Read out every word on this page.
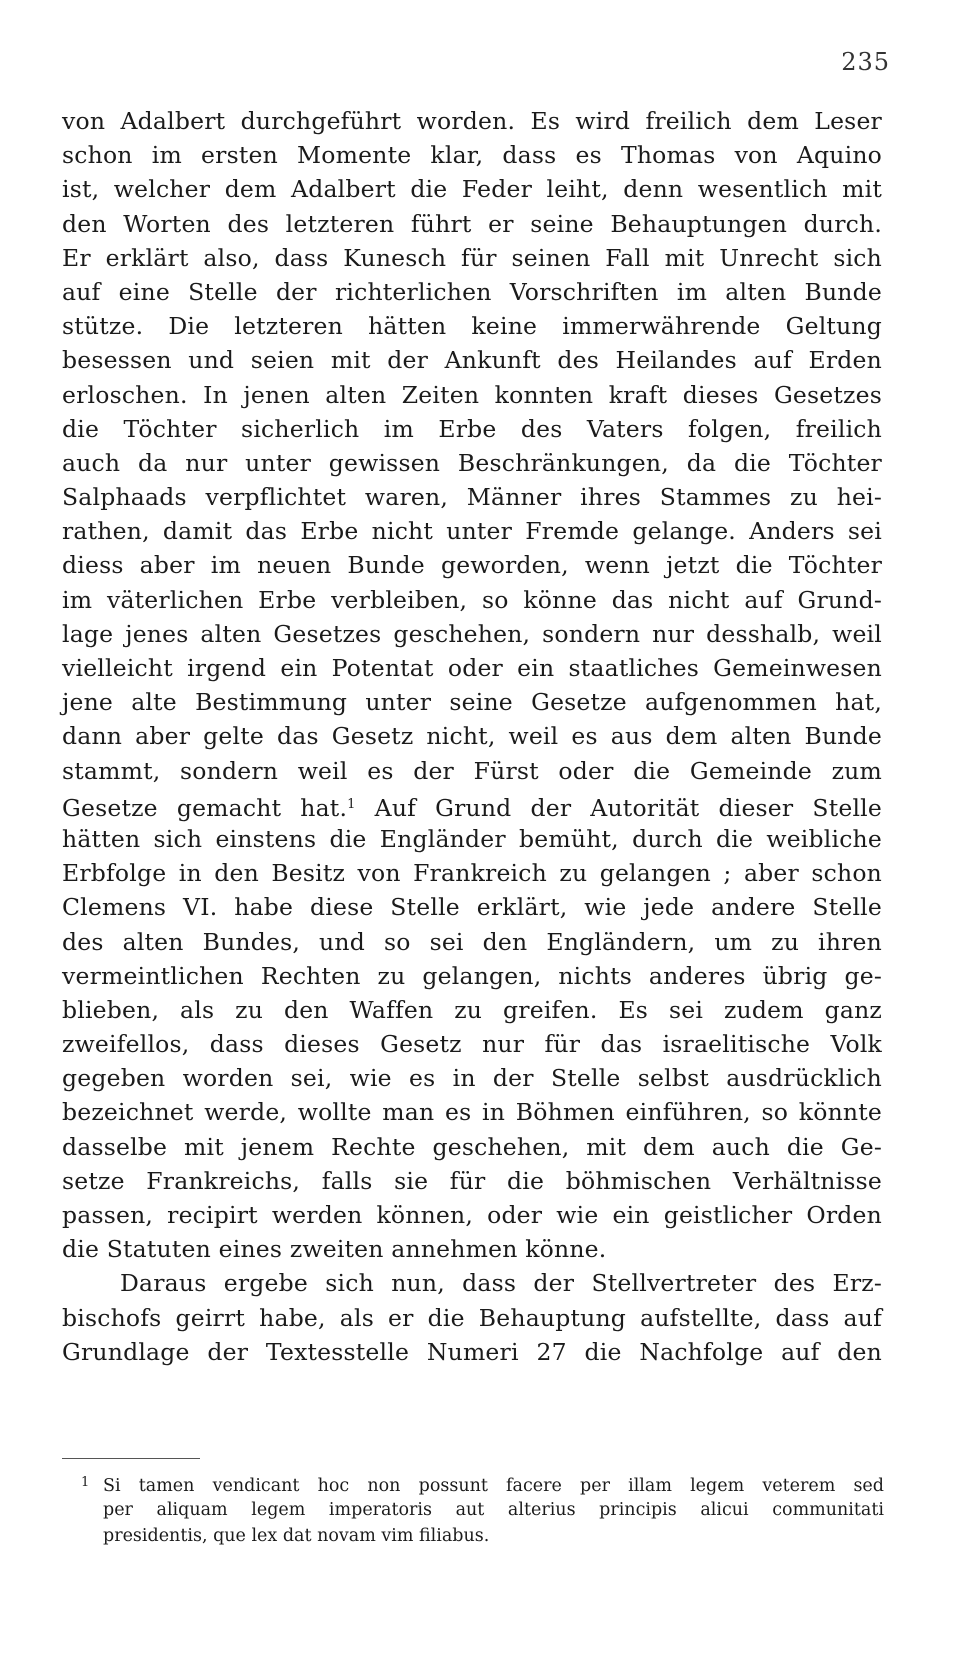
235
von Adalbert durchgeführt worden. Es wird freilich dem Leser
schon im ersten Momente klar, dass es Thomas von Aquino
ist, welcher dem Adalbert die Feder leiht, denn wesentlich mit
den Worten des letzteren führt er seine Behauptungen durch.
Er erklärt also, dass Kunesch für seinen Fall mit Unrecht sich
auf eine Stelle der richterlichen Vorschriften im alten Bunde
stütze. Die letzteren hätten keine immerwährende Geltung
besessen und seien mit der Ankunft des Heilandes auf Erden
erloschen. In jenen alten Zeiten konnten kraft dieses Gesetzes
die Töchter sicherlich im Erbe des Vaters folgen, freilich
auch da nur unter gewissen Beschränkungen, da die Töchter
Salphaads verpflichtet waren, Männer ihres Stammes zu hei-
rathen, damit das Erbe nicht unter Fremde gelange. Anders sei
diess aber im neuen Bunde geworden, wenn jetzt die Töchter
im väterlichen Erbe verbleiben, so könne das nicht auf Grund-
lage jenes alten Gesetzes geschehen, sondern nur desshalb, weil
vielleicht irgend ein Potentat oder ein staatliches Gemeinwesen
jene alte Bestimmung unter seine Gesetze aufgenommen hat,
dann aber gelte das Gesetz nicht, weil es aus dem alten Bunde
stammt, sondern weil es der Fürst oder die Gemeinde zum
Gesetze gemacht hat.$^1$ Auf Grund der Autorität dieser Stelle
hätten sich einstens die Engländer bemüht, durch die weibliche
Erbfolge in den Besitz von Frankreich zu gelangen ; aber schon
Clemens VI. habe diese Stelle erklärt, wie jede andere Stelle
des alten Bundes, und so sei den Engländern, um zu ihren
vermeintlichen Rechten zu gelangen, nichts anderes übrig ge-
blieben, als zu den Waffen zu greifen. Es sei zudem ganz
zweifellos, dass dieses Gesetz nur für das israelitische Volk
gegeben worden sei, wie es in der Stelle selbst ausdrücklich
bezeichnet werde, wollte man es in Böhmen einführen, so könnte
dasselbe mit jenem Rechte geschehen, mit dem auch die Ge-
setze Frankreichs, falls sie für die böhmischen Verhältnisse
passen, recipirt werden können, oder wie ein geistlicher Orden
die Statuten eines zweiten annehmen könne.
Daraus ergebe sich nun, dass der Stellvertreter des Erz-
bischofs geirrt habe, als er die Behauptung aufstellte, dass auf
Grundlage der Textesstelle Numeri 27 die Nachfolge auf den
1 Si tamen vendicant hoc non possunt facere per illam legem veterem sed
per aliquam legem imperatoris aut alterius principis alicui communitati
presidentis, que lex dat novam vim filiabus.
